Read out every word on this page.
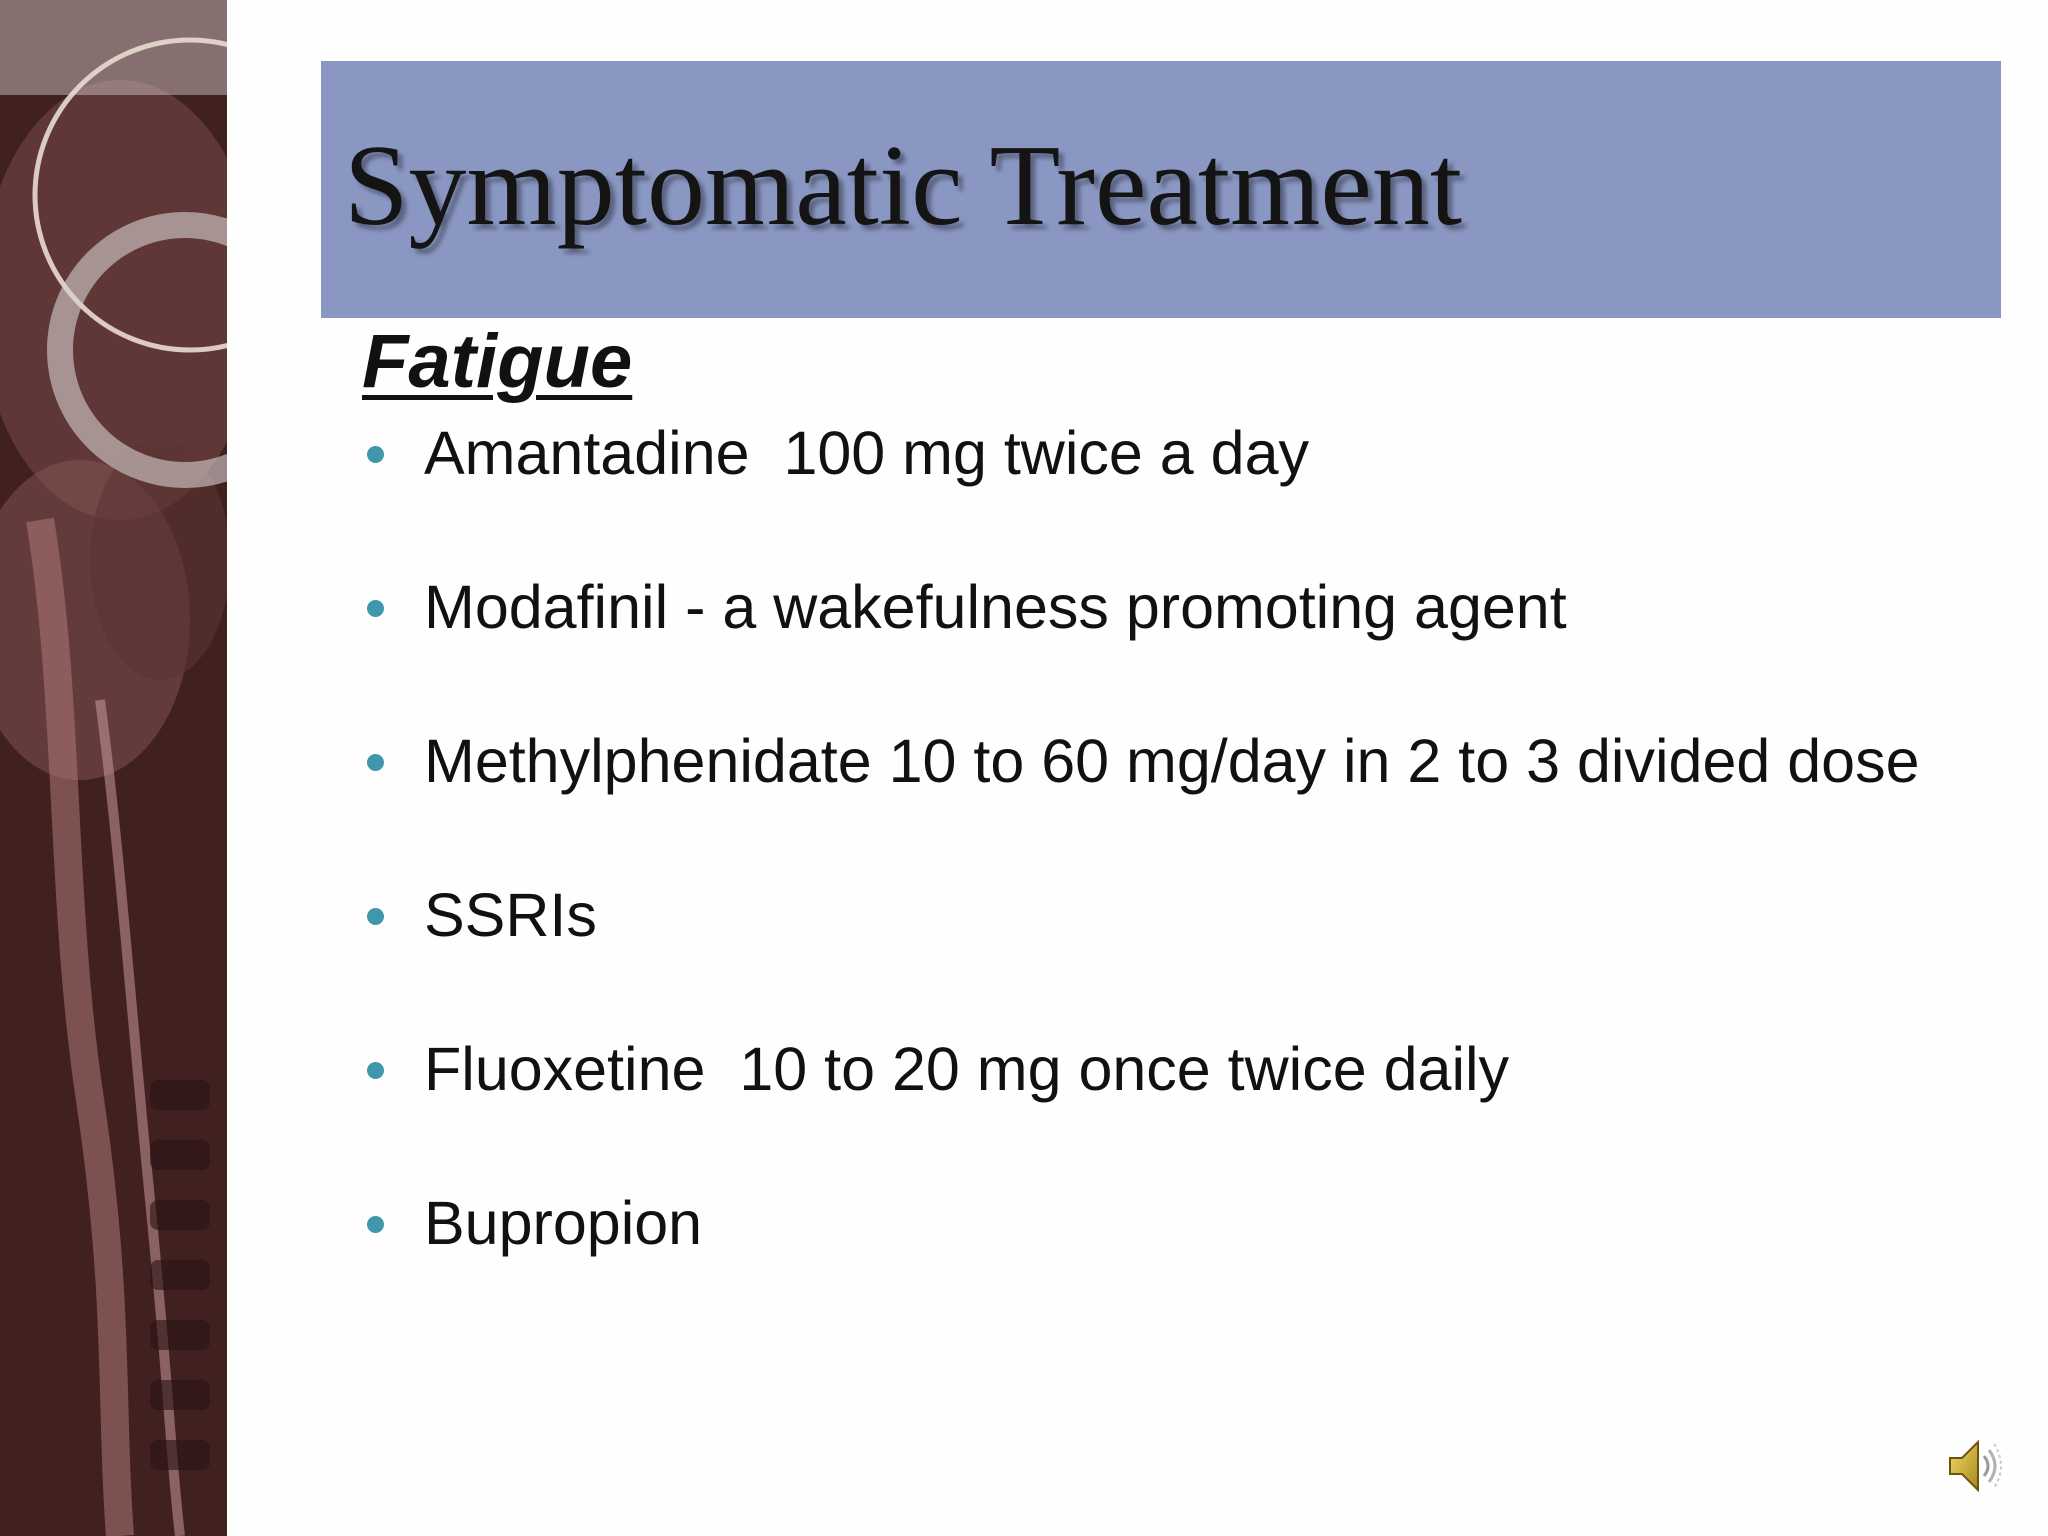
Symptomatic Treatment
Fatigue
Amantadine  100 mg twice a day
Modafinil - a wakefulness promoting agent
Methylphenidate 10 to 60 mg/day in 2 to 3 divided dose
SSRIs
Fluoxetine  10 to 20 mg once twice daily
Bupropion
